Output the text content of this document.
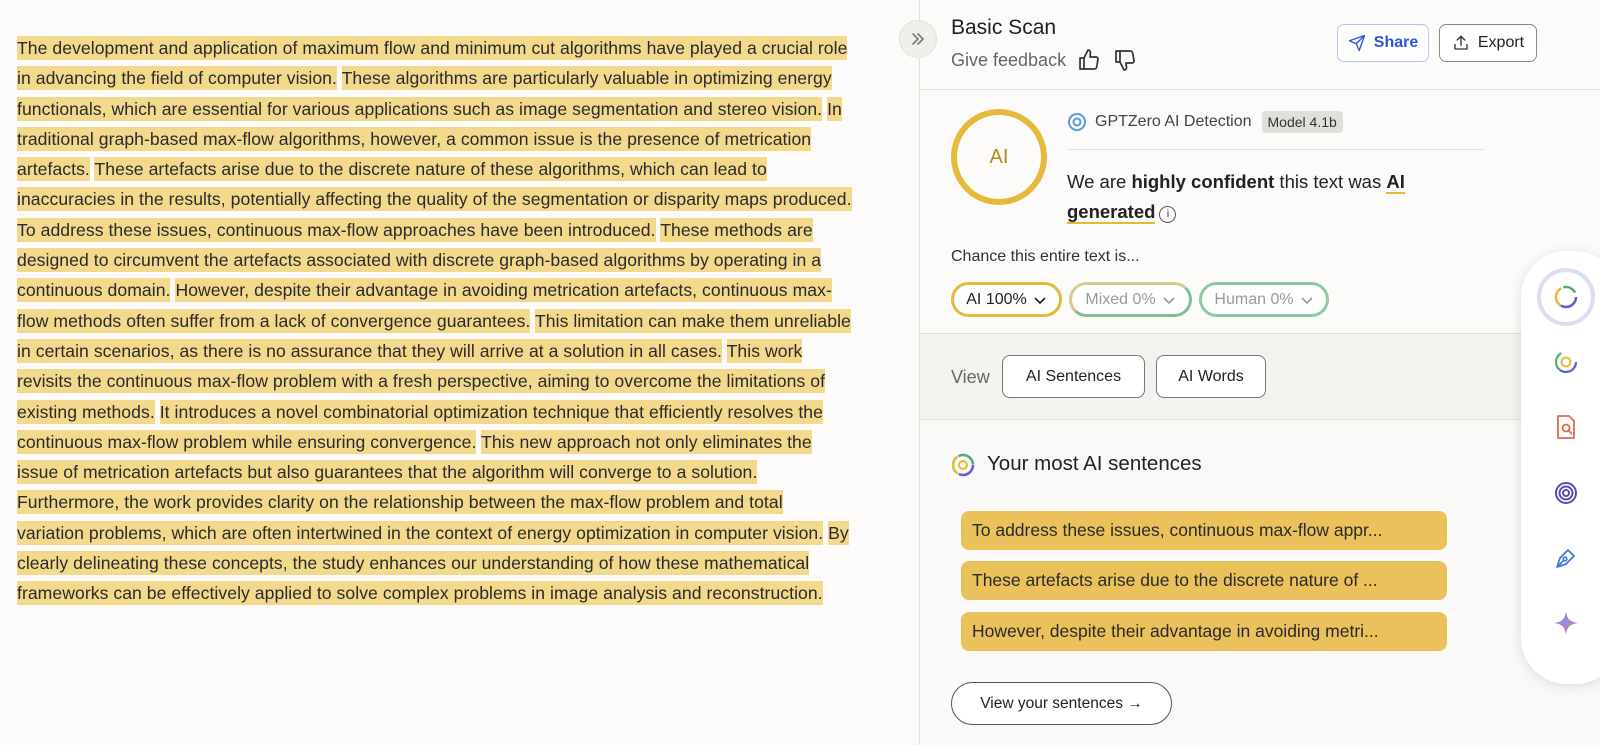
The development and application of maximum flow and minimum cut algorithms have played a crucial role in advancing the field of computer vision. These algorithms are particularly valuable in optimizing energy functionals, which are essential for various applications such as image segmentation and stereo vision. In traditional graph-based max-flow algorithms, however, a common issue is the presence of metrication artefacts. These artefacts arise due to the discrete nature of these algorithms, which can lead to inaccuracies in the results, potentially affecting the quality of the segmentation or disparity maps produced. To address these issues, continuous max-flow approaches have been introduced. These methods are designed to circumvent the artefacts associated with discrete graph-based algorithms by operating in a continuous domain. However, despite their advantage in avoiding metrication artefacts, continuous max-flow methods often suffer from a lack of convergence guarantees. This limitation can make them unreliable in certain scenarios, as there is no assurance that they will arrive at a solution in all cases. This work revisits the continuous max-flow problem with a fresh perspective, aiming to overcome the limitations of existing methods. It introduces a novel combinatorial optimization technique that efficiently resolves the continuous max-flow problem while ensuring convergence. This new approach not only eliminates the issue of metrication artefacts but also guarantees that the algorithm will converge to a solution. Furthermore, the work provides clarity on the relationship between the max-flow problem and total variation problems, which are often intertwined in the context of energy optimization in computer vision. By clearly delineating these concepts, the study enhances our understanding of how these mathematical frameworks can be effectively applied to solve complex problems in image analysis and reconstruction.
Basic Scan
Give feedback
Share	Export
AI
GPTZero AI Detection	Model 4.1b
We are highly confident this text was AI generated i
Chance this entire text is...
AI 100%	Mixed 0%	Human 0%
View	AI Sentences	AI Words
Your most AI sentences
To address these issues, continuous max-flow appr...
These artefacts arise due to the discrete nature of ...
However, despite their advantage in avoiding metri...
View your sentences →
